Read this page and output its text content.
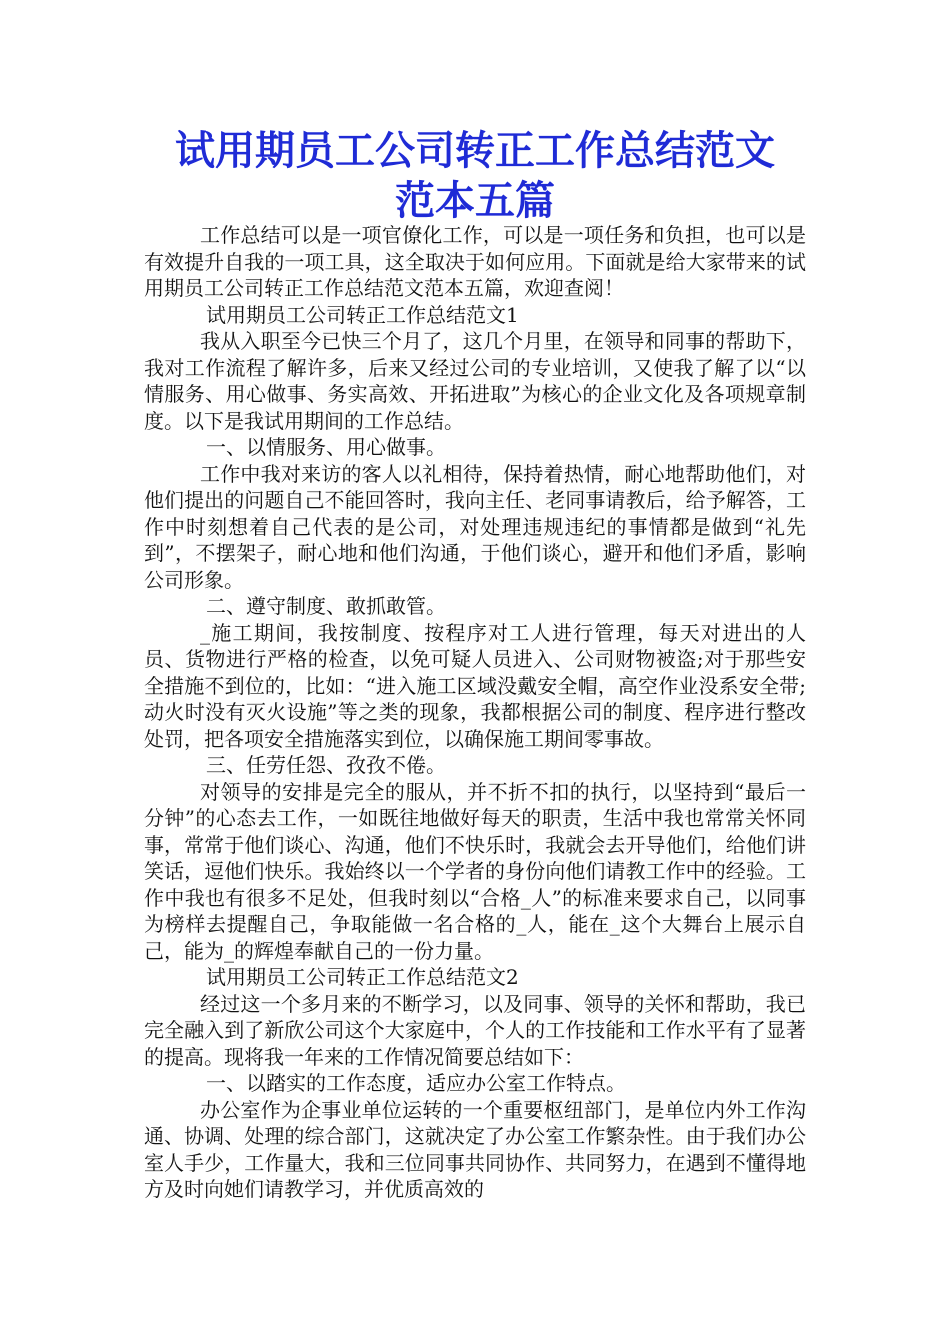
试用期员工公司转正工作总结范文
范本五篇

工作总结可以是一项官僚化工作，可以是一项任务和负担，也可以是有效提升自我的一项工具，这全取决于如何应用。下面就是给大家带来的试用期员工公司转正工作总结范文范本五篇，欢迎查阅！

试用期员工公司转正工作总结范文1

我从入职至今已快三个月了，这几个月里，在领导和同事的帮助下，我对工作流程了解许多，后来又经过公司的专业培训，又使我了解了以“以情服务、用心做事、务实高效、开拓进取”为核心的企业文化及各项规章制度。以下是我试用期间的工作总结。

一、以情服务、用心做事。

工作中我对来访的客人以礼相待，保持着热情，耐心地帮助他们，对他们提出的问题自己不能回答时，我向主任、老同事请教后，给予解答，工作中时刻想着自己代表的是公司，对处理违规违纪的事情都是做到“礼先到”，不摆架子，耐心地和他们沟通，于他们谈心，避开和他们矛盾，影响公司形象。

二、遵守制度、敢抓敢管。

_施工期间，我按制度、按程序对工人进行管理，每天对进出的人员、货物进行严格的检查，以免可疑人员进入、公司财物被盗;对于那些安全措施不到位的，比如：“进入施工区域没戴安全帽，高空作业没系安全带;动火时没有灭火设施”等之类的现象，我都根据公司的制度、程序进行整改处罚，把各项安全措施落实到位，以确保施工期间零事故。

三、任劳任怨、孜孜不倦。

对领导的安排是完全的服从，并不折不扣的执行，以坚持到“最后一分钟”的心态去工作，一如既往地做好每天的职责，生活中我也常常关怀同事，常常于他们谈心、沟通，他们不快乐时，我就会去开导他们，给他们讲笑话，逗他们快乐。我始终以一个学者的身份向他们请教工作中的经验。工作中我也有很多不足处，但我时刻以“合格_人”的标准来要求自己，以同事为榜样去提醒自己，争取能做一名合格的_人，能在_这个大舞台上展示自己，能为_的辉煌奉献自己的一份力量。

试用期员工公司转正工作总结范文2

经过这一个多月来的不断学习，以及同事、领导的关怀和帮助，我已完全融入到了新欣公司这个大家庭中，个人的工作技能和工作水平有了显著的提高。现将我一年来的工作情况简要总结如下：

一、以踏实的工作态度，适应办公室工作特点。

办公室作为企事业单位运转的一个重要枢纽部门，是单位内外工作沟通、协调、处理的综合部门，这就决定了办公室工作繁杂性。由于我们办公室人手少，工作量大，我和三位同事共同协作、共同努力，在遇到不懂得地方及时向她们请教学习，并优质高效的
